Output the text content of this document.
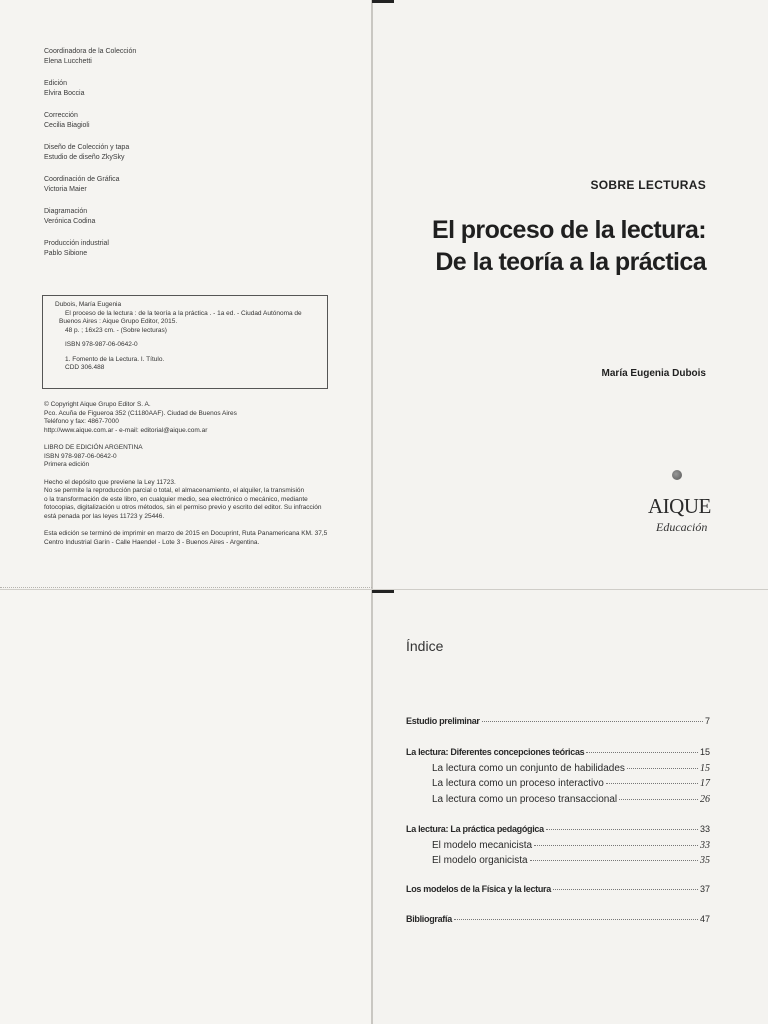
Coordinadora de la Colección
Elena Lucchetti
Edición
Elvira Boccia
Corrección
Cecilia Biagioli
Diseño de Colección y tapa
Estudio de diseño ZkySky
Coordinación de Gráfica
Victoria Maier
Diagramación
Verónica Codina
Producción industrial
Pablo Sibione
Dubois, María Eugenia
El proceso de la lectura : de la teoría a la práctica . - 1a ed. - Ciudad Autónoma de
Buenos Aires : Aique Grupo Editor, 2015.
48 p. ; 16x23 cm. - (Sobre lecturas)
ISBN 978-987-06-0642-0
1. Fomento de la Lectura. I. Título.
CDD 306.488
© Copyright Aique Grupo Editor S. A.
Pco. Acuña de Figueroa 352 (C1180AAF). Ciudad de Buenos Aires
Teléfono y fax: 4867-7000
http://www.aique.com.ar - e-mail: editorial@aique.com.ar
LIBRO DE EDICIÓN ARGENTINA
ISBN 978-987-06-0642-0
Primera edición
Hecho el depósito que previene la Ley 11723.
No se permite la reproducción parcial o total, el almacenamiento, el alquiler, la transmisión
o la transformación de este libro, en cualquier medio, sea electrónico o mecánico, mediante
fotocopias, digitalización u otros métodos, sin el permiso previo y escrito del editor. Su infracción
está penada por las leyes 11723 y 25446.
Esta edición se terminó de imprimir en marzo de 2015 en Docuprint, Ruta Panamericana KM. 37,5
Centro Industrial Garín - Calle Haendel - Lote 3 - Buenos Aires - Argentina.
SOBRE LECTURAS
El proceso de la lectura:
De la teoría a la práctica
María Eugenia Dubois
AIQUE
Educación
Índice
Estudio preliminar	7
La lectura: Diferentes concepciones teóricas	15
La lectura como un conjunto de habilidades	15
La lectura como un proceso interactivo	17
La lectura como un proceso transaccional	26
La lectura: La práctica pedagógica	33
El modelo mecanicista	33
El modelo organicista	35
Los modelos de la Física y la lectura	37
Bibliografía	47
